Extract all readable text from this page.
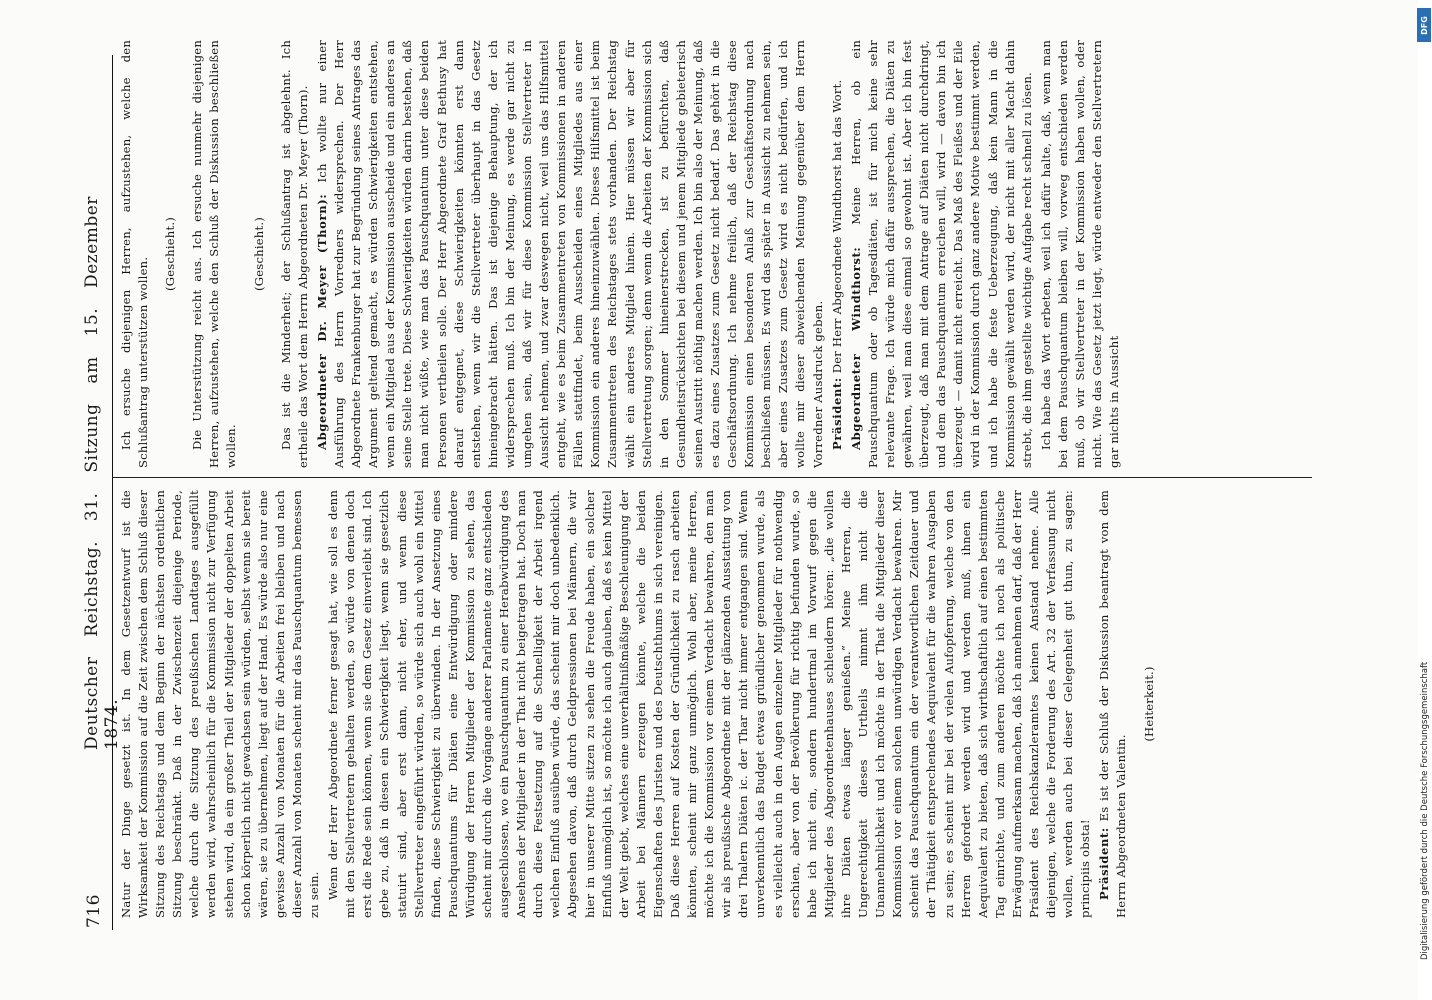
716
Deutscher Reichstag. 31. Sitzung am 15. Dezember 1874.

Natur der Dinge gesetzt ist. In dem Gesetzentwurf ist die Wirksamkeit der Kommission auf die Zeit zwischen dem Schluß dieser Sitzung des Reichstags und dem Beginn der nächsten ordentlichen Sitzung beschränkt. Daß in der Zwischenzeit diejenige Periode, welche durch die Sitzung des preußischen Landtages ausgefüllt werden wird, wahrscheinlich für die Kommission nicht zur Verfügung stehen wird, da ein großer Theil der Mitglieder der doppelten Arbeit schon körperlich nicht gewachsen sein würden, selbst wenn sie bereit wären, sie zu übernehmen, liegt auf der Hand. Es würde also nur eine gewisse Anzahl von Monaten für die Arbeiten frei bleiben und nach dieser Anzahl von Monaten scheint mir das Pauschquantum bemessen zu sein. Wenn der Herr Abgeordnete ferner gesagt hat, wie soll es denn mit den Stellvertretern gehalten werden, so würde von denen doch erst die Rede sein können, wenn sie dem Gesetz einverleibt sind. Ich gebe zu, daß in diesen ein Schwierigkeit liegt, wenn sie gesetzlich statuirt sind, aber erst dann, nicht eher, und wenn diese Stellvertreter eingeführt würden, so würde sich auch wohl ein Mittel finden, diese Schwierigkeit zu überwinden. In der Ansetzung eines Pauschquantums für Diäten eine Entwürdigung oder mindere Würdigung der Herren Mitglieder der Kommission zu sehen, das scheint mir durch die Vorgänge anderer Parlamente ganz entschieden ausgeschlossen, wo ein Pauschquantum zu einer Herabwürdigung des Ansehens der Mitglieder in der That nicht beigetragen hat. Doch man durch diese Festsetzung auf die Schnelligkeit der Arbeit irgend welchen Einfluß ausüben würde, das scheint mir doch unbedenklich. Abgesehen davon, daß durch Geldpressionen bei Männern, die wir hier in unserer Mitte sitzen zu sehen die Freude haben, ein solcher Einfluß unmöglich ist, so möchte ich auch glauben, daß es kein Mittel der Welt giebt, welches eine unverhältnißmäßige Beschleunigung der Arbeit bei Männern erzeugen könnte, welche die beiden Eigenschaften des Juristen und des Deutschthums in sich vereinigen. Daß diese Herren auf Kosten der Gründlichkeit zu rasch arbeiten könnten, scheint mir ganz unmöglich. Wohl aber, meine Herren, möchte ich die Kommission vor einem Verdacht bewahren, den man wir als preußische Abgeordnete mit der glänzenden Ausstattung von drei Thalern Diäten ic. der Thar nicht immer entgangen sind. Wenn unverkenntlich das Budget etwas gründlicher genommen wurde, als es vielleicht auch in den Augen einzelner Mitglieder für nothwendig erschien, aber von der Bevölkerung für richtig befunden wurde, so habe ich nicht ein, sondern hundertmal im Vorwurf gegen die Mitglieder des Abgeordnetenhauses schleudern hören: „die wollen ihre Diäten etwas länger genießen.“ Meine Herren, die Ungerechtigkeit dieses Urtheils nimmt ihm nicht die Unannehmlichkeit und ich möchte in der That die Mitglieder dieser Kommission vor einem solchen unwürdigen Verdacht bewahren. Mir scheint das Pauschquantum ein der verantwortlichen Zeitdauer und der Thätigkeit entsprechendes Aequivalent für die wahren Ausgaben zu sein; es scheint mir bei der vielen Aufopferung, welche von den Herren gefordert werden wird und werden muß, ihnen ein Aequivalent zu bieten, daß sich wirthschaftlich auf einen bestimmten Tag einrichte, und zum anderen möchte ich noch als politische Erwägung aufmerksam machen, daß ich annehmen darf, daß der Herr Präsident des Reichskanzleramtes keinen Anstand nehme. Alle diejenigen, welche die Forderung des Art. 32 der Verfassung nicht wollen, werden auch bei dieser Gelegenheit gut thun, zu sagen: principiis obsta! Präsident: Es ist der Schluß der Diskussion beantragt von dem Herrn Abgeordneten Valentin.

(Heiterkeit.)

Ich ersuche diejenigen Herren, aufzustehen, welche den Schlußantrag unterstützen wollen.

(Geschieht.) Die Unterstützung reicht aus. Ich ersuche nunmehr diejenigen Herren, aufzustehen, welche den Schluß der Diskussion beschließen wollen.

(Geschieht.) Das ist die Minderheit; der Schlußantrag ist abgelehnt. Ich ertheile das Wort dem Herrn Abgeordneten Dr. Meyer (Thorn). Abgeordneter Dr. Meyer (Thorn): Ich wollte nur einer Ausführung des Herrn Vorredners widersprechen. Der Herr Abgeordnete Frankenburger hat zur Begründung seines Antrages das Argument geltend gemacht, es würden Schwierigkeiten entstehen, wenn ein Mitglied aus der Kommission ausscheide und ein anderes an seine Stelle trete. Diese Schwierigkeiten würden darin bestehen, daß man nicht wüßte, wie man das Pauschquantum unter diese beiden Personen vertheilen solle. Der Herr Abgeordnete Graf Bethusy hat darauf entgegnet, diese Schwierigkeiten könnten erst dann entstehen, wenn wir die Stellvertreter überhaupt in das Gesetz hineingebracht hätten. Das ist diejenige Behauptung, der ich widersprechen muß. Ich bin der Meinung, es werde gar nicht zu umgehen sein, daß wir für diese Kommission Stellvertreter in Aussicht nehmen, und zwar deswegen nicht, weil uns das Hilfsmittel entgeht, wie es beim Zusammentreten von Kommissionen in anderen Fällen stattfindet, beim Ausscheiden eines Mitgliedes aus einer Kommission ein anderes hineinzuwählen. Dieses Hilfsmittel ist beim Zusammentreten des Reichstages stets vorhanden. Der Reichstag wählt ein anderes Mitglied hinein. Hier müssen wir aber für Stellvertretung sorgen; denn wenn die Arbeiten der Kommission sich in den Sommer hineinerstrecken, ist zu befürchten, daß Gesundheitsrücksichten bei diesem und jenem Mitgliede gebieterisch seinen Austritt nöthig machen werden. Ich bin also der Meinung, daß es dazu eines Zusatzes zum Gesetz nicht bedarf. Das gehört in die Geschäftsordnung. Ich nehme freilich, daß der Reichstag diese Kommission einen besonderen Anlaß zur Geschäftsordnung nach beschließen müssen. Es wird das später in Aussicht zu nehmen sein, aber eines Zusatzes zum Gesetz wird es nicht bedürfen, und ich wollte mir dieser abweichenden Meinung gegenüber dem Herrn Vorredner Ausdruck geben. Präsident: Der Herr Abgeordnete Windthorst hat das Wort. Abgeordneter Windthorst: Meine Herren, ob ein Pauschquantum oder ob Tagesdiäten, ist für mich keine sehr relevante Frage. Ich würde mich dafür aussprechen, die Diäten zu gewähren, weil man diese einmal so gewohnt ist. Aber ich bin fest überzeugt, daß man mit dem Antrage auf Diäten nicht durchdringt, und dem das Pauschquantum erreichen will, wird — davon bin ich überzeugt — damit nicht erreicht. Das Maß des Fleißes und der Eile wird in der Kommission durch ganz andere Motive bestimmt werden, und ich habe die feste Ueberzeugung, daß kein Mann in die Kommission gewählt werden wird, der nicht mit aller Macht dahin strebt, die ihm gestellte wichtige Aufgabe recht schnell zu lösen. Ich habe das Wort erbeten, weil ich dafür halte, daß, wenn man bei dem Pauschquantum bleiben will, vorweg entschieden werden muß, ob wir Stellvertreter in der Kommission haben wollen, oder nicht. Wie das Gesetz jetzt liegt, würde entweder den Stellvertretern gar nichts in Aussicht

DFG
Digitalisierung gefördert durch die Deutsche Forschungsgemeinschaft
